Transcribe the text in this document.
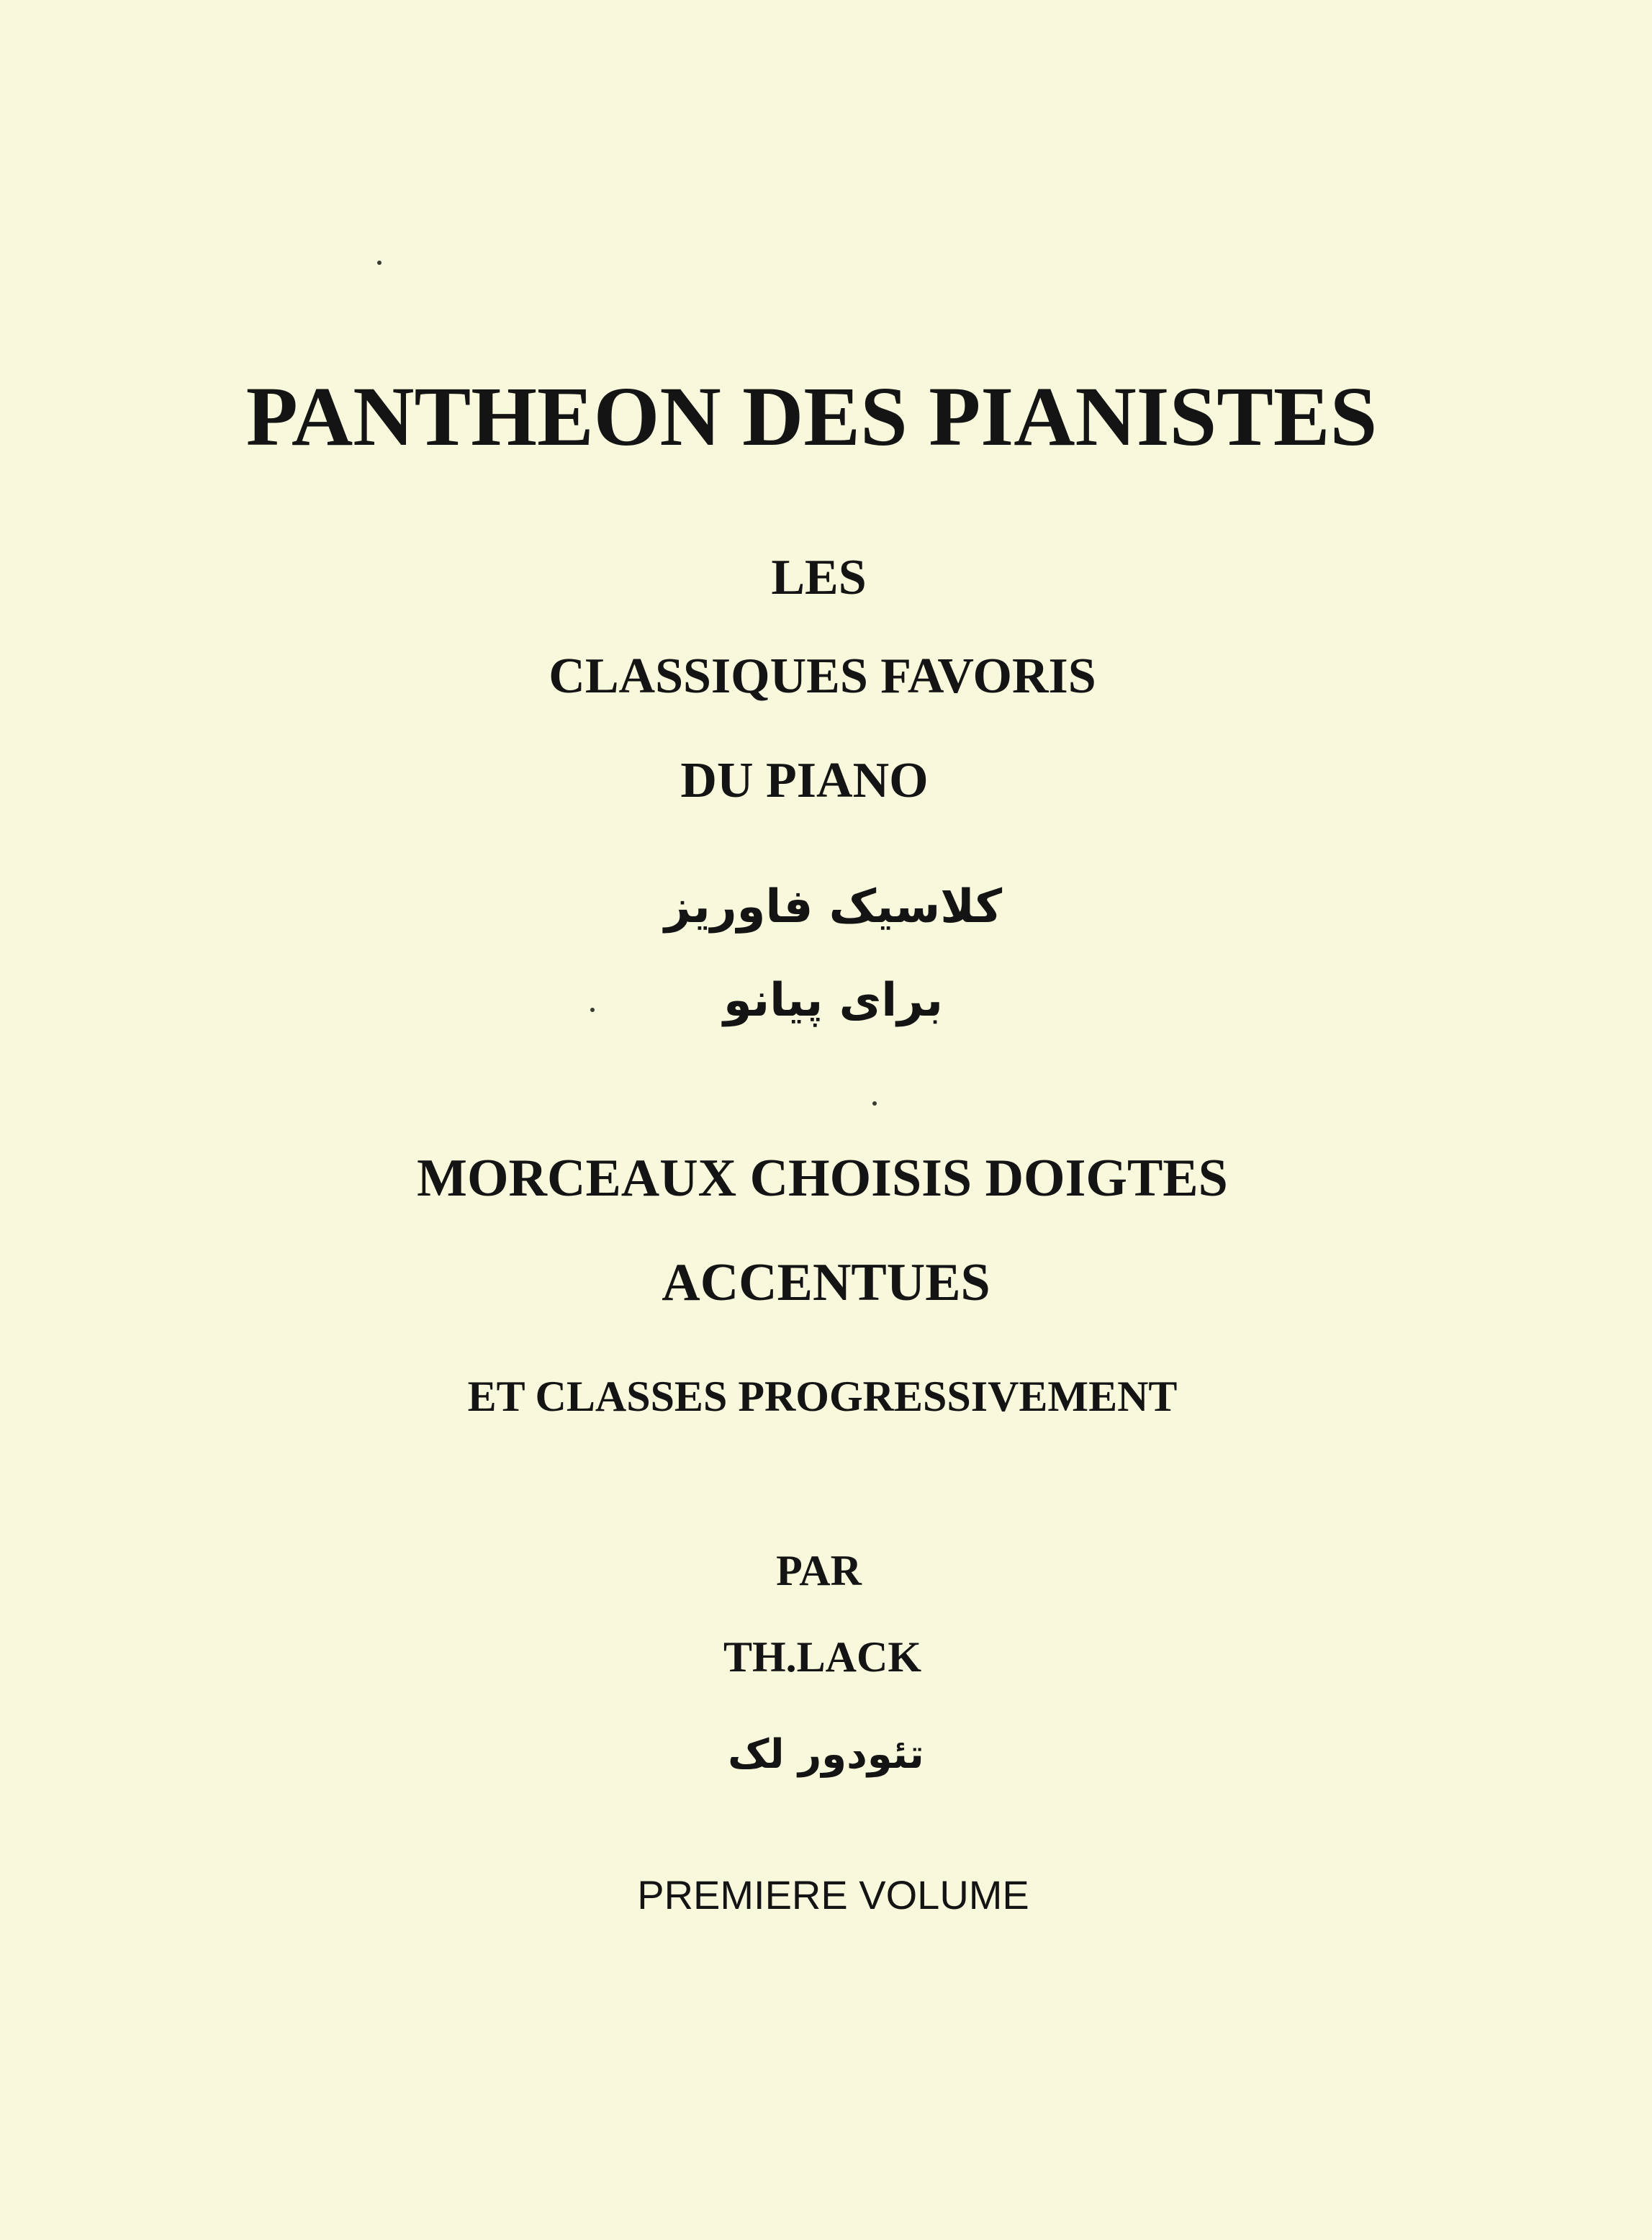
PANTHEON DES PIANISTES
LES
CLASSIQUES FAVORIS
DU PIANO
کلاسیک فاوریز
برای پیانو
MORCEAUX CHOISIS DOIGTES
ACCENTUES
ET CLASSES PROGRESSIVEMENT
PAR
TH.LACK
تئودور لک
PREMIERE VOLUME
